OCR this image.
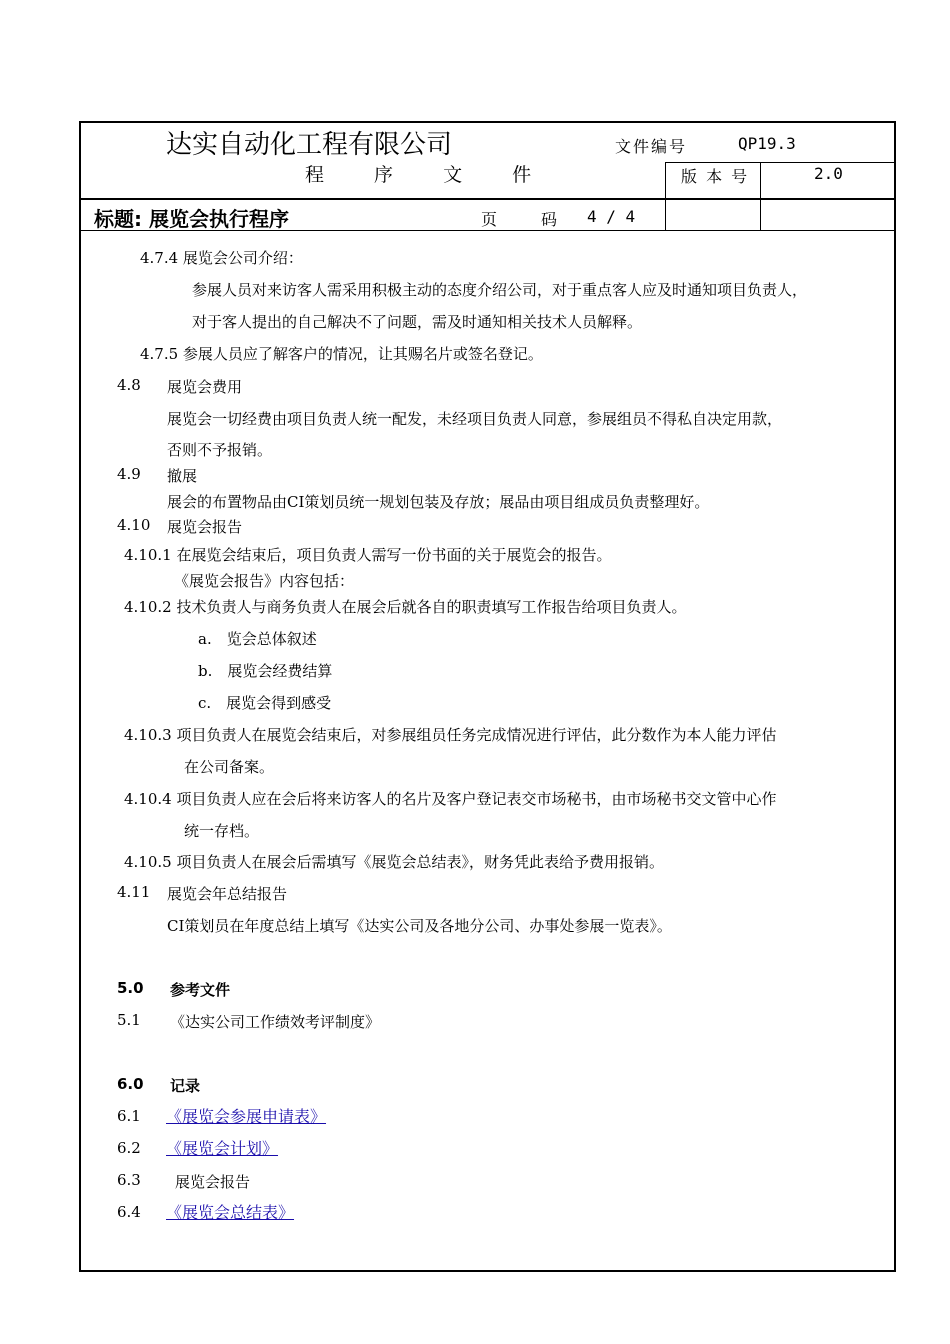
达实自动化工程有限公司
程 序 文 件
文件编号	QP19.3
版 本 号	2.0
标题: 展览会执行程序	页　　码 4 / 4
4.7.4 展览会公司介绍：
参展人员对来访客人需采用积极主动的态度介绍公司，对于重点客人应及时通知项目负责人，
对于客人提出的自己解决不了问题，需及时通知相关技术人员解释。
4.7.5 参展人员应了解客户的情况，让其赐名片或签名登记。
4.8 展览会费用
展览会一切经费由项目负责人统一配发，未经项目负责人同意，参展组员不得私自决定用款，
否则不予报销。
4.9 撤展
展会的布置物品由CI策划员统一规划包装及存放；展品由项目组成员负责整理好。
4.10 展览会报告
4.10.1 在展览会结束后，项目负责人需写一份书面的关于展览会的报告。
《展览会报告》内容包括：
4.10.2 技术负责人与商务负责人在展会后就各自的职责填写工作报告给项目负责人。
a.　览会总体叙述
b.　展览会经费结算
c.　展览会得到感受
4.10.3 项目负责人在展览会结束后，对参展组员任务完成情况进行评估，此分数作为本人能力评估
在公司备案。
4.10.4 项目负责人应在会后将来访客人的名片及客户登记表交市场秘书，由市场秘书交文管中心作
统一存档。
4.10.5 项目负责人在展会后需填写《展览会总结表》，财务凭此表给予费用报销。
4.11 展览会年总结报告
CI策划员在年度总结上填写《达实公司及各地分公司、办事处参展一览表》。
5.0 参考文件
5.1 《达实公司工作绩效考评制度》
6.0 记录
6.1 《展览会参展申请表》
6.2 《展览会计划》
6.3 展览会报告
6.4 《展览会总结表》
